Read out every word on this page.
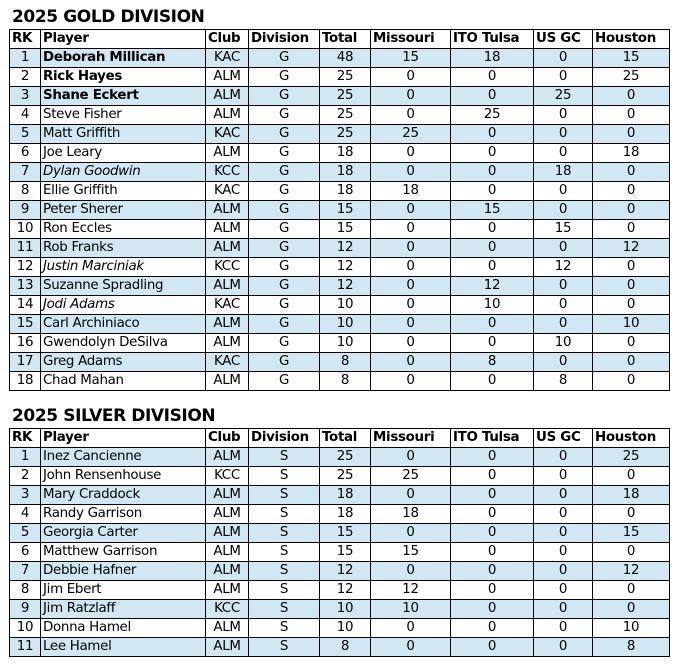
2025 GOLD DIVISION
RK	Player	Club	Division	Total	Missouri	ITO Tulsa	US GC	Houston
1	Deborah Millican	KAC	G	48	15	18	0	15
2	Rick Hayes	ALM	G	25	0	0	0	25
3	Shane Eckert	ALM	G	25	0	0	25	0
4	Steve Fisher	ALM	G	25	0	25	0	0
5	Matt Griffith	KAC	G	25	25	0	0	0
6	Joe Leary	ALM	G	18	0	0	0	18
7	Dylan Goodwin	KCC	G	18	0	0	18	0
8	Ellie Griffith	KAC	G	18	18	0	0	0
9	Peter Sherer	ALM	G	15	0	15	0	0
10	Ron Eccles	ALM	G	15	0	0	15	0
11	Rob Franks	ALM	G	12	0	0	0	12
12	Justin Marciniak	KCC	G	12	0	0	12	0
13	Suzanne Spradling	ALM	G	12	0	12	0	0
14	Jodi Adams	KAC	G	10	0	10	0	0
15	Carl Archiniaco	ALM	G	10	0	0	0	10
16	Gwendolyn DeSilva	ALM	G	10	0	0	10	0
17	Greg Adams	KAC	G	8	0	8	0	0
18	Chad Mahan	ALM	G	8	0	0	8	0
2025 SILVER DIVISION
RK	Player	Club	Division	Total	Missouri	ITO Tulsa	US GC	Houston
1	Inez Cancienne	ALM	S	25	0	0	0	25
2	John Rensenhouse	KCC	S	25	25	0	0	0
3	Mary Craddock	ALM	S	18	0	0	0	18
4	Randy Garrison	ALM	S	18	18	0	0	0
5	Georgia Carter	ALM	S	15	0	0	0	15
6	Matthew Garrison	ALM	S	15	15	0	0	0
7	Debbie Hafner	ALM	S	12	0	0	0	12
8	Jim Ebert	ALM	S	12	12	0	0	0
9	Jim Ratzlaff	KCC	S	10	10	0	0	0
10	Donna Hamel	ALM	S	10	0	0	0	10
11	Lee Hamel	ALM	S	8	0	0	0	8
